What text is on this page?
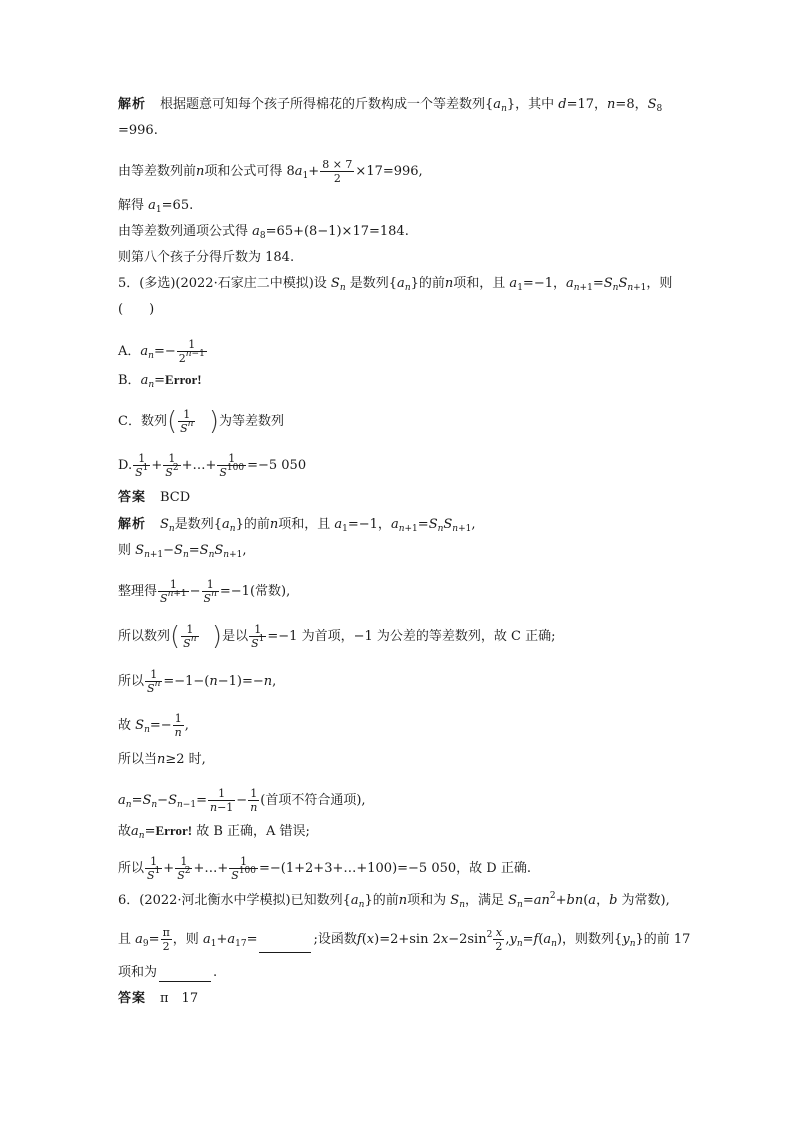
解析 根据题意可知每个孩子所得棉花的斤数构成一个等差数列$\{a_n\}$，其中 d=17，n=8，$S_8$
=996.
由等差数列前n项和公式可得 $8a_1+ \frac{8 \times 7}{2} \times 17=996$,
解得 $a_1=65$.
由等差数列通项公式得 $a_8=65+(8-1)\times 17=184$.
则第八个孩子分得斤数为 184.
5．(多选)(2022·石家庄二中模拟)设 $S_n$ 是数列$\{a_n\}$的前n项和，且 $a_1=-1$，$a_{n+1}=S_nS_{n+1}$，则
(　　)
A．$a_n=- \frac{1}{2^{n-1}}$
B．$a_n=Error$!
C．数列( $\frac{1}{S^n}$ )为等差数列
D. $\frac{1}{S^1} + \frac{1}{S^2}$ +…+ $\frac{1}{S^{100}} =-5$ 050
答案 BCD
解析 $S_n$是数列$\{a_n\}$的前n项和，且 $a_1=-1$，$a_{n+1}=S_nS_{n+1}$,
则 $S_{n+1}-S_n=S_nS_{n+1}$,
整理得 $\frac{1}{S^{n+1}} - \frac{1}{S^n} =-1$(常数),
所以数列( $\frac{1}{S^n}$ )是以 $\frac{1}{S^1} =-1$ 为首项，−1 为公差的等差数列，故 C 正确;
所以 $\frac{1}{S^n} =-1-(n-1)=-n$,
故 $S_n=- \frac{1}{n}$ ,
所以当n≥2 时,
$a_n=S_n-S_{n-1}= \frac{1}{n-1} - \frac{1}{n}$ (首项不符合通项),
故$a_n=Error$! 故 B 正确，A 错误;
所以 $\frac{1}{S^1} + \frac{1}{S^2}$ +…+ $\frac{1}{S^{100}}$ =−(1+2+3+…+100)=−5 050，故 D 正确.
6．(2022·河北衡水中学模拟)已知数列$\{a_n\}$的前n项和为 $S_n$，满足 $S_n=an^2+bn(a$，b 为常数),
且 $a_9= \frac{\pi}{2}$ ，则 $a_1+a_{17}=$	;设函数f(x)=2+sin $2x-2\sin^2 \frac{x}{2} ,y_n=f(a_n)$，则数列$\{y_n\}$的前 17
项和为	.
答案 π　17
